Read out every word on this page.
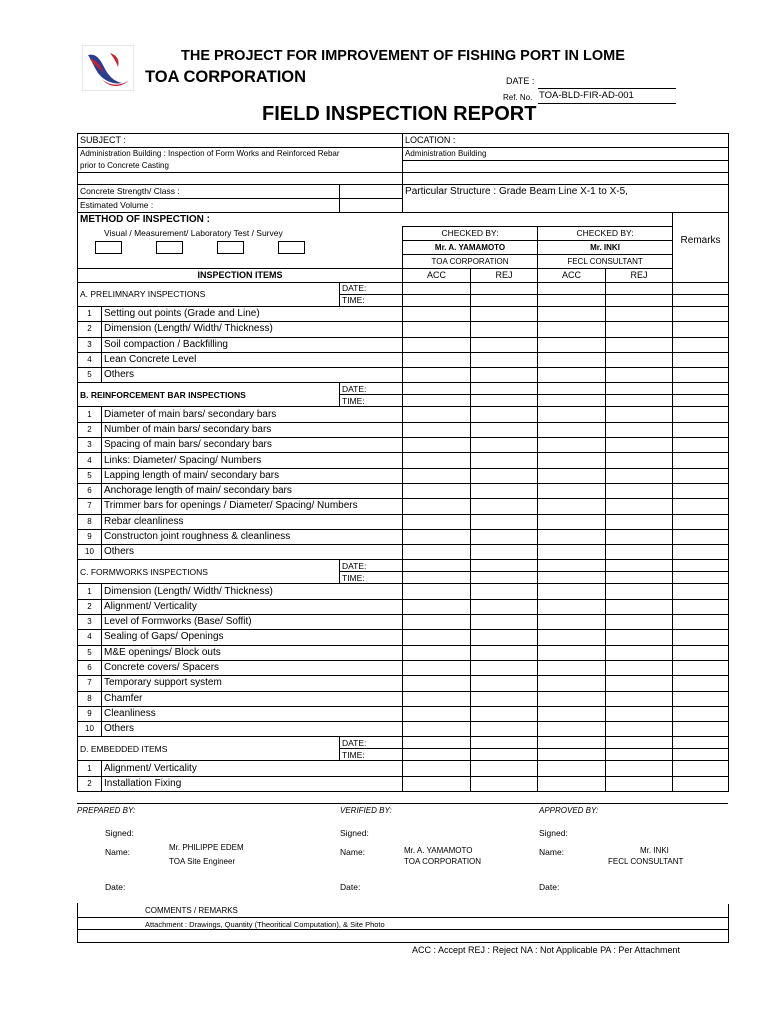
THE PROJECT FOR IMPROVEMENT OF FISHING PORT IN LOME
TOA CORPORATION	DATE :
Ref. No. TOA-BLD-FIR-AD-001
FIELD INSPECTION REPORT
SUBJECT :			LOCATION :				
Administration Building : Inspection of Form Works and Reinforced Rebar			Administration Building				
prior to Concrete Casting							

Concrete Strength/ Class :			Particular Structure : Grade Beam Line X-1 to X-5,				
Estimated Volume :							
METHOD OF INSPECTION :							Remarks
Visual / Measurement/ Laboratory Test / Survey			CHECKED BY:		CHECKED BY:		
			Mr. A. YAMAMOTO		Mr. INKI		
			TOA CORPORATION		FECL CONSULTANT		
INSPECTION ITEMS			ACC	REJ	ACC	REJ	
A. PRELIMNARY INSPECTIONS		DATE:					
		TIME:					
1	Setting out points (Grade and Line)						
2	Dimension (Length/ Width/ Thickness)						
3	Soil compaction / Backfilling						
4	Lean Concrete Level						
5	Others						
B. REINFORCEMENT BAR INSPECTIONS		DATE:					
		TIME:					
1	Diameter of main bars/ secondary bars						
2	Number of main bars/ secondary bars						
3	Spacing of main bars/ secondary bars						
4	Links: Diameter/ Spacing/ Numbers						
5	Lapping length of main/ secondary bars						
6	Anchorage length of main/ secondary bars						
7	Trimmer bars for openings / Diameter/ Spacing/ Numbers						
8	Rebar cleanliness						
9	Constructon joint roughness & cleanliness						
10	Others						
C. FORMWORKS INSPECTIONS		DATE:					
		TIME:					
1	Dimension (Length/ Width/ Thickness)						
2	Alignment/ Verticality						
3	Level of Formworks (Base/ Soffit)						
4	Sealing of Gaps/ Openings						
5	M&E openings/ Block outs						
6	Concrete covers/ Spacers						
7	Temporary support system						
8	Chamfer						
9	Cleanliness						
10	Others						
D. EMBEDDED ITEMS		DATE:					
		TIME:					
1	Alignment/ Verticality						
2	Installation Fixing						
PREPARED BY:	VERIFIED BY:	APPROVED BY:
Signed:	Signed:	Signed:
Name:	Mr. PHILIPPE EDEM
TOA Site Engineer
Name:	Mr. A. YAMAMOTO
TOA CORPORATION
Name:	Mr. INKI
FECL CONSULTANT
Date:	Date:	Date:
COMMENTS / REMARKS
Attachment : Drawings, Quantity (Theoritical Computation), & Site Photo
ACC : Accept REJ : Reject NA : Not Applicable PA : Per Attachment
